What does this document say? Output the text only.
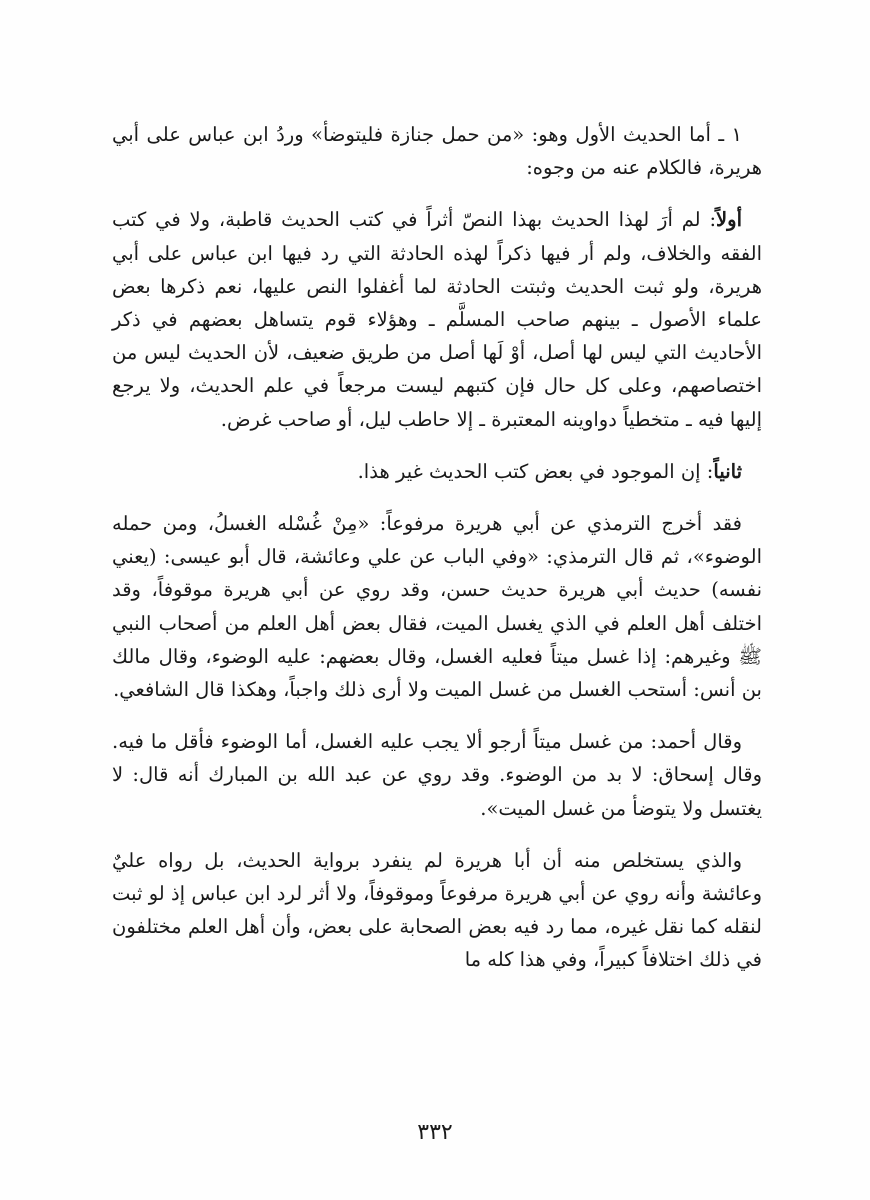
١ ـ أما الحديث الأول وهو: «من حمل جنازة فليتوضأ» وردُ ابن عباس على أبي هريرة، فالكلام عنه من وجوه:

أولاً: لم أرَ لهذا الحديث بهذا النصّ أثراً في كتب الحديث قاطبة، ولا في كتب الفقه والخلاف، ولم أر فيها ذكراً لهذه الحادثة التي رد فيها ابن عباس على أبي هريرة، ولو ثبت الحديث وثبتت الحادثة لما أغفلوا النص عليها، نعم ذكرها بعض علماء الأصول ـ بينهم صاحب المسلَّم ـ وهؤلاء قوم يتساهل بعضهم في ذكر الأحاديث التي ليس لها أصل، أوْ لَها أصل من طريق ضعيف، لأن الحديث ليس من اختصاصهم، وعلى كل حال فإن كتبهم ليست مرجعاً في علم الحديث، ولا يرجع إليها فيه ـ متخطياً دواوينه المعتبرة ـ إلا حاطب ليل، أو صاحب غرض.

ثانياً: إن الموجود في بعض كتب الحديث غير هذا.

فقد أخرج الترمذي عن أبي هريرة مرفوعاً: «مِنْ غُسْله الغسلُ، ومن حمله الوضوء»، ثم قال الترمذي: «وفي الباب عن علي وعائشة، قال أبو عيسى: (يعني نفسه) حديث أبي هريرة حديث حسن، وقد روي عن أبي هريرة موقوفاً، وقد اختلف أهل العلم في الذي يغسل الميت، فقال بعض أهل العلم من أصحاب النبي ﷺ وغيرهم: إذا غسل ميتاً فعليه الغسل، وقال بعضهم: عليه الوضوء، وقال مالك بن أنس: أستحب الغسل من غسل الميت ولا أرى ذلك واجباً، وهكذا قال الشافعي.

وقال أحمد: من غسل ميتاً أرجو ألا يجب عليه الغسل، أما الوضوء فأقل ما فيه. وقال إسحاق: لا بد من الوضوء. وقد روي عن عبد الله بن المبارك أنه قال: لا يغتسل ولا يتوضأ من غسل الميت».

والذي يستخلص منه أن أبا هريرة لم ينفرد برواية الحديث، بل رواه عليٌ وعائشة وأنه روي عن أبي هريرة مرفوعاً وموقوفاً، ولا أثر لرد ابن عباس إذ لو ثبت لنقله كما نقل غيره، مما رد فيه بعض الصحابة على بعض، وأن أهل العلم مختلفون في ذلك اختلافاً كبيراً، وفي هذا كله ما

٣٣٢
